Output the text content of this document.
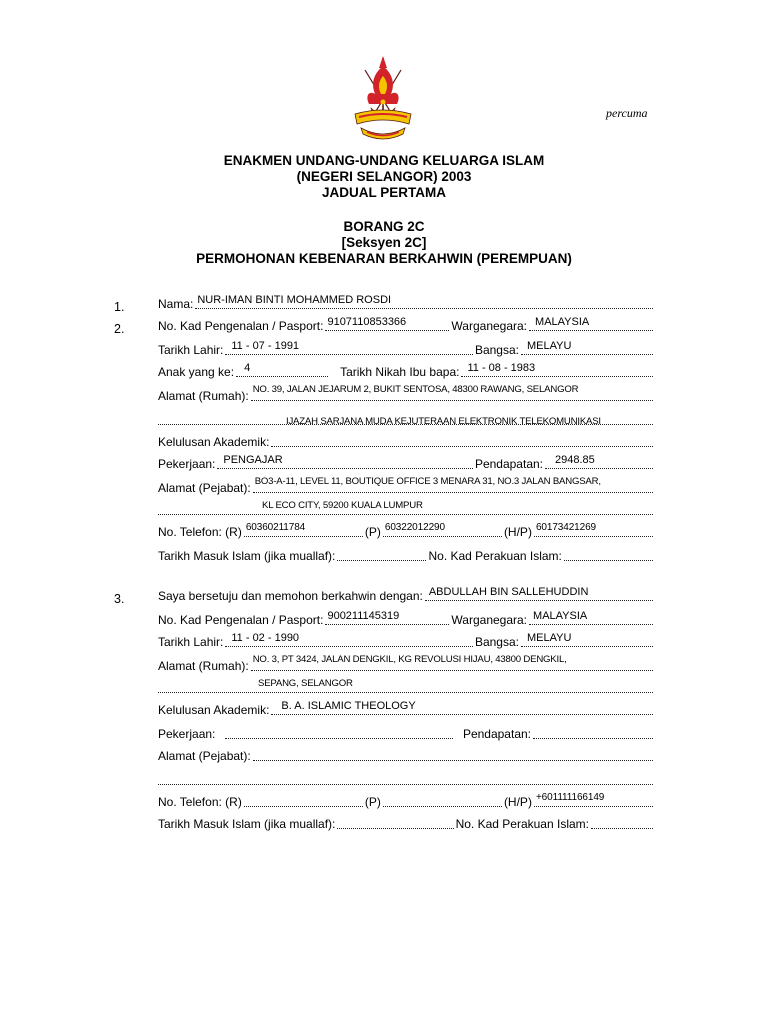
percuma
ENAKMEN UNDANG-UNDANG KELUARGA ISLAM
(NEGERI SELANGOR) 2003
JADUAL PERTAMA
BORANG 2C
[Seksyen 2C]
PERMOHONAN KEBENARAN BERKAHWIN (PEREMPUAN)
1.	Nama: NUR-IMAN BINTI MOHAMMED ROSDI
2.	No. Kad Pengenalan / Pasport: 9107110853366	Warganegara: MALAYSIA
Tarikh Lahir: 11 - 07 - 1991	Bangsa: MELAYU
Anak yang ke: 4	Tarikh Nikah Ibu bapa: 11 - 08 - 1983
Alamat (Rumah): NO. 39, JALAN JEJARUM 2, BUKIT SENTOSA, 48300 RAWANG, SELANGOR
IJAZAH SARJANA MUDA KEJUTERAAN ELEKTRONIK TELEKOMUNIKASI
Kelulusan Akademik:
Pekerjaan: PENGAJAR	Pendapatan: 2948.85
Alamat (Pejabat): BO3-A-11, LEVEL 11, BOUTIQUE OFFICE 3 MENARA 31, NO.3 JALAN BANGSAR,
KL ECO CITY, 59200 KUALA LUMPUR
No. Telefon: (R) 60360211784	(P) 60322012290	(H/P) 60173421269
Tarikh Masuk Islam (jika muallaf):	No. Kad Perakuan Islam:
3.	Saya bersetuju dan memohon berkahwin dengan: ABDULLAH BIN SALLEHUDDIN
No. Kad Pengenalan / Pasport: 900211145319	Warganegara: MALAYSIA
Tarikh Lahir: 11 - 02 - 1990	Bangsa: MELAYU
Alamat (Rumah): NO. 3, PT 3424, JALAN DENGKIL, KG REVOLUSI HIJAU, 43800 DENGKIL,
SEPANG, SELANGOR
Kelulusan Akademik: B. A. ISLAMIC THEOLOGY
Pekerjaan:	Pendapatan:
Alamat (Pejabat):
No. Telefon: (R)	(P)	(H/P) +601111166149
Tarikh Masuk Islam (jika muallaf):	No. Kad Perakuan Islam:
